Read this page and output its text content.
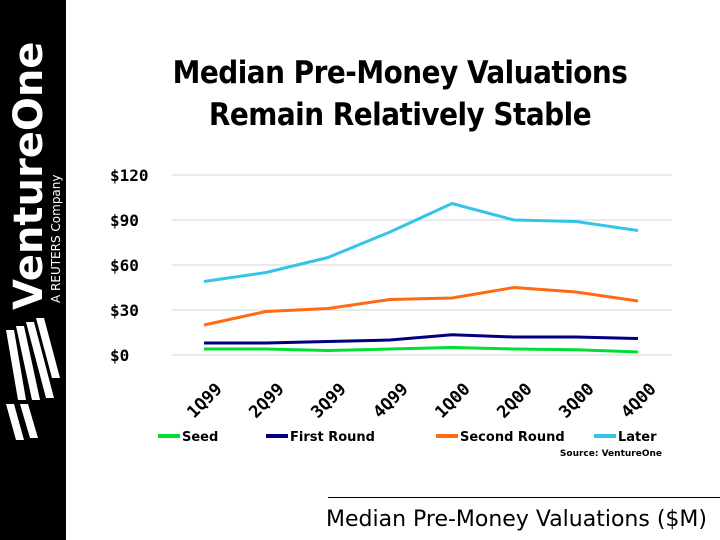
VentureOne
A REUTERS Company
Median Pre-Money Valuations
Remain Relatively Stable
$0
$30
$60
$90
$120
1Q99 2Q99 3Q99 4Q99 1Q00 2Q00 3Q00 4Q00
Seed	First Round	Second Round	Later
Source: VentureOne
Median Pre-Money Valuations ($M)
